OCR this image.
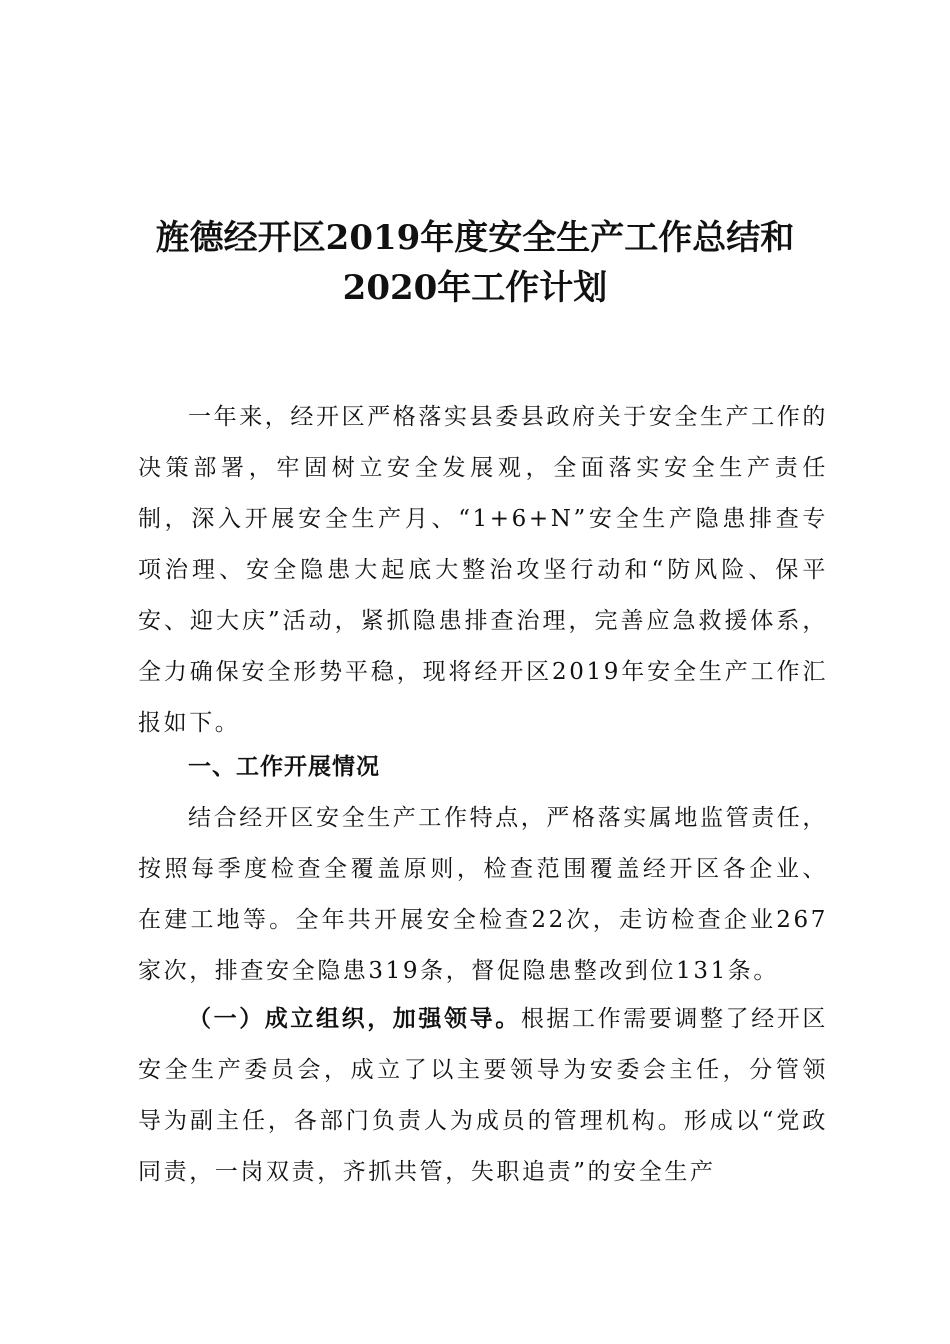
旌德经开区2019年度安全生产工作总结和
2020年工作计划

一年来，经开区严格落实县委县政府关于安全生产工作的决策部署，牢固树立安全发展观，全面落实安全生产责任制，深入开展安全生产月、“1+6+N”安全生产隐患排查专项治理、安全隐患大起底大整治攻坚行动和“防风险、保平安、迎大庆”活动，紧抓隐患排查治理，完善应急救援体系，全力确保安全形势平稳，现将经开区2019年安全生产工作汇报如下。

一、工作开展情况

结合经开区安全生产工作特点，严格落实属地监管责任，按照每季度检查全覆盖原则，检查范围覆盖经开区各企业、在建工地等。全年共开展安全检查22次，走访检查企业267家次，排查安全隐患319条，督促隐患整改到位131条。

（一）成立组织，加强领导。根据工作需要调整了经开区安全生产委员会，成立了以主要领导为安委会主任，分管领导为副主任，各部门负责人为成员的管理机构。形成以“党政同责，一岗双责，齐抓共管，失职追责”的安全生产
